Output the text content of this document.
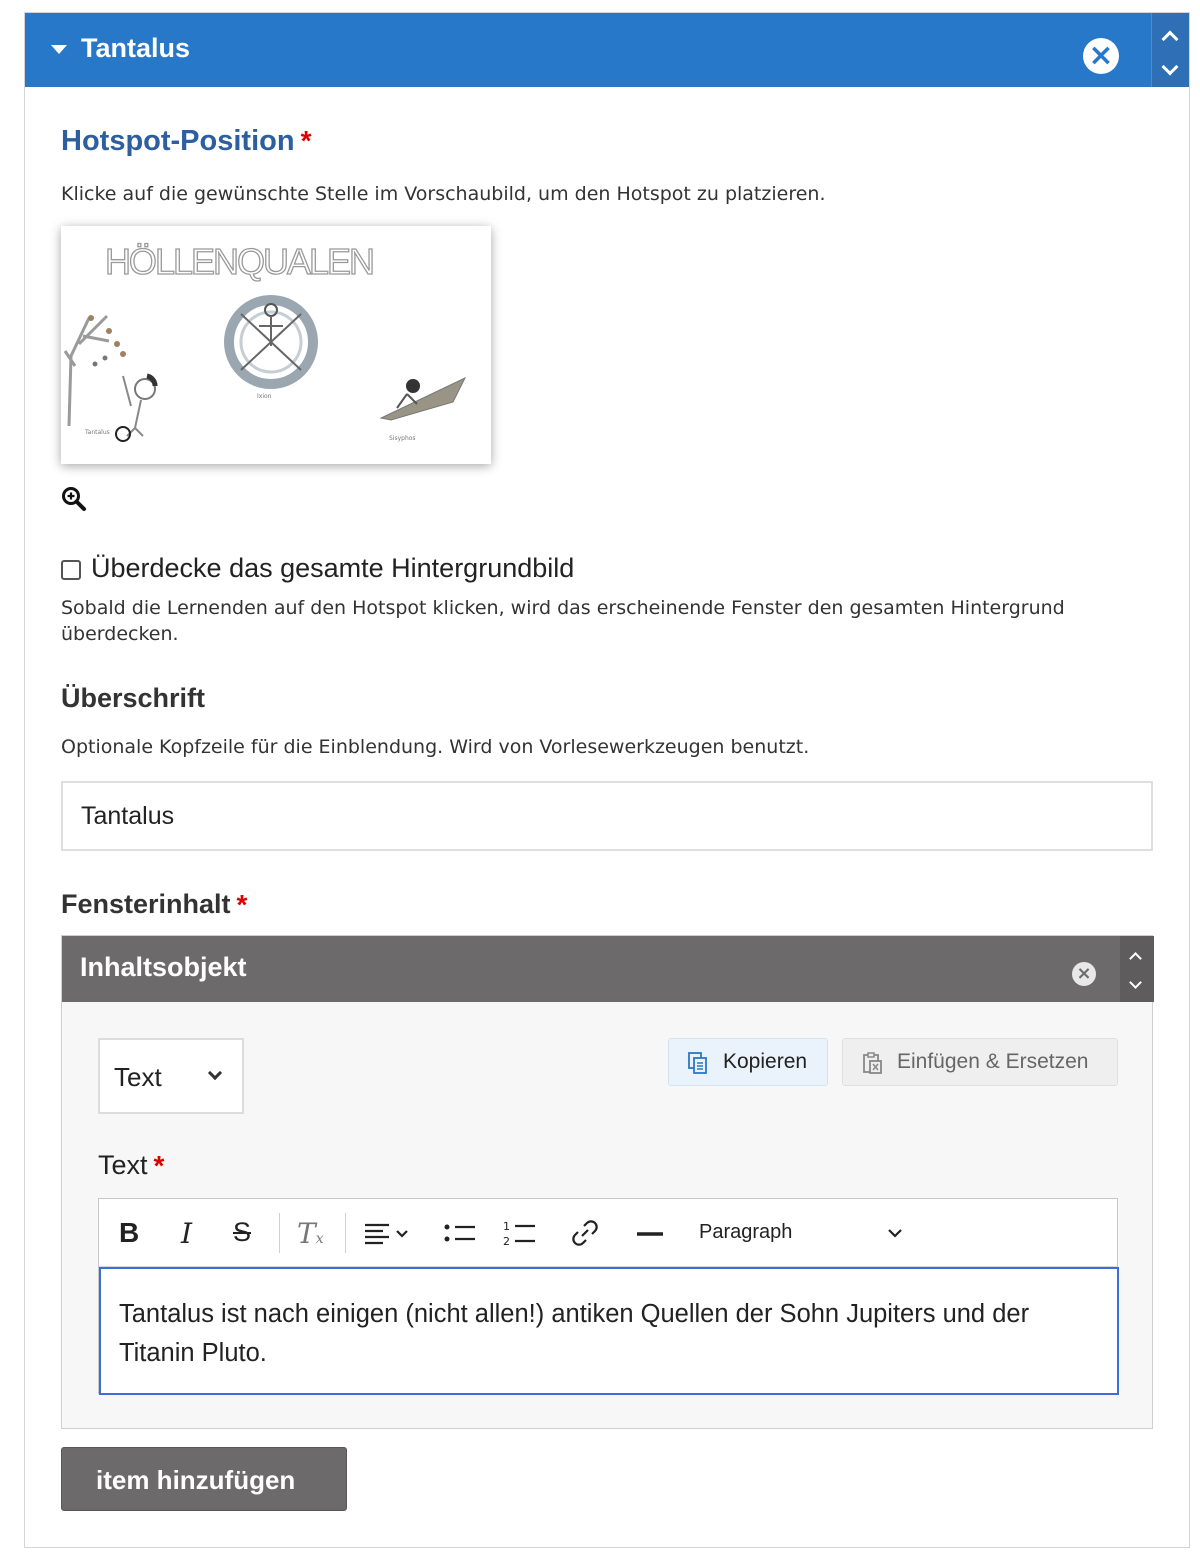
Tantalus	×
Hotspot-Position *
Klicke auf die gewünschte Stelle im Vorschaubild, um den Hotspot zu platzieren.
HÖLLENQUALEN
Tantalus
Ixion
Sisyphos
Überdecke das gesamte Hintergrundbild
Sobald die Lernenden auf den Hotspot klicken, wird das erscheinende Fenster den gesamten Hintergrund überdecken.
Überschrift
Optionale Kopfzeile für die Einblendung. Wird von Vorlesewerkzeugen benutzt.
Tantalus
Fensterinhalt *
Inhaltsobjekt	×
Text
Kopieren	Einfügen & Ersetzen
Text *
B I S Tx
1
2	Paragraph
Tantalus ist nach einigen (nicht allen!) antiken Quellen der Sohn Jupiters und der Titanin Pluto.
item hinzufügen
